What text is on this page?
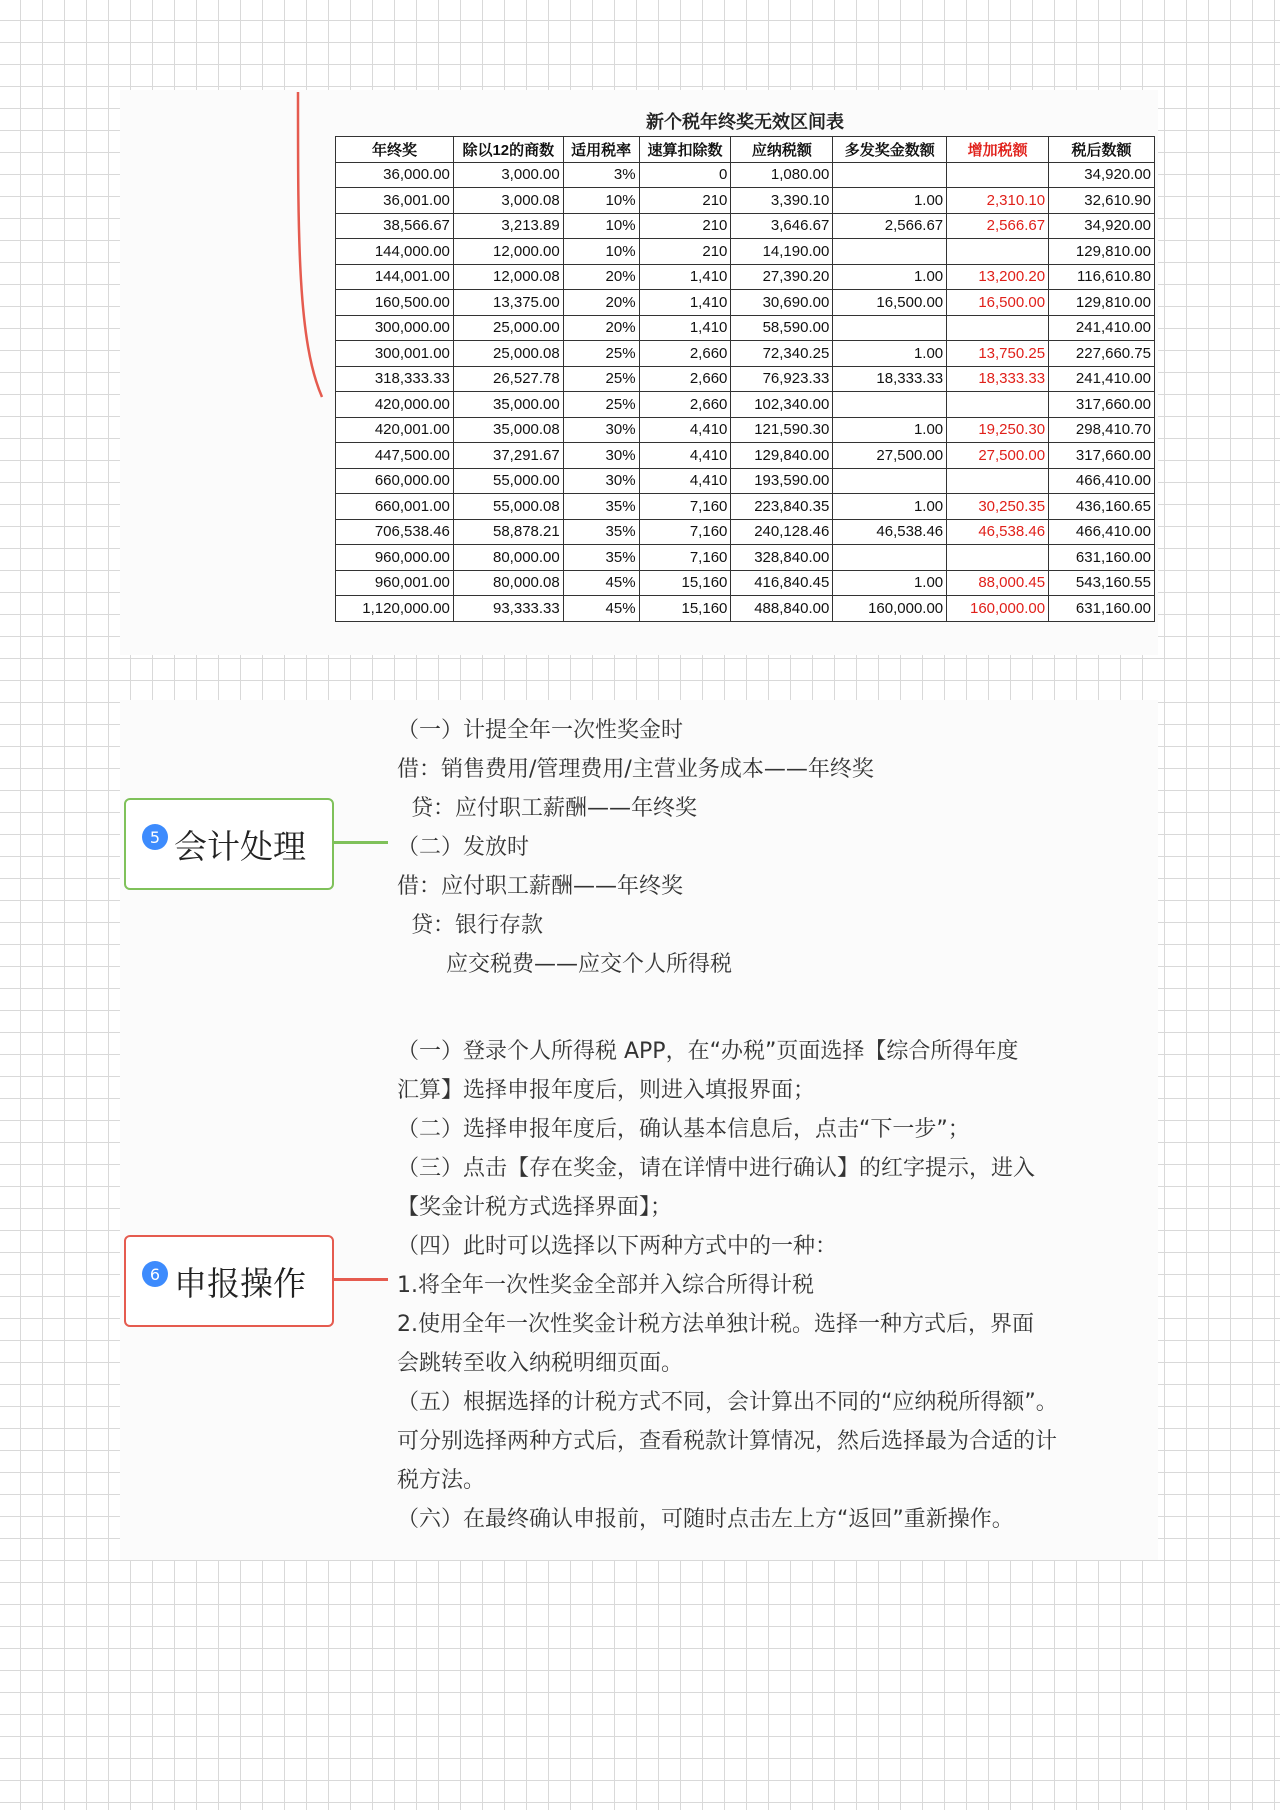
新个税年终奖无效区间表
年终奖	除以12的商数	适用税率	速算扣除数	应纳税额	多发奖金数额	增加税额	税后数额
36,000.00	3,000.00	3%	0	1,080.00			34,920.00
36,001.00	3,000.08	10%	210	3,390.10	1.00	2,310.10	32,610.90
38,566.67	3,213.89	10%	210	3,646.67	2,566.67	2,566.67	34,920.00
144,000.00	12,000.00	10%	210	14,190.00			129,810.00
144,001.00	12,000.08	20%	1,410	27,390.20	1.00	13,200.20	116,610.80
160,500.00	13,375.00	20%	1,410	30,690.00	16,500.00	16,500.00	129,810.00
300,000.00	25,000.00	20%	1,410	58,590.00			241,410.00
300,001.00	25,000.08	25%	2,660	72,340.25	1.00	13,750.25	227,660.75
318,333.33	26,527.78	25%	2,660	76,923.33	18,333.33	18,333.33	241,410.00
420,000.00	35,000.00	25%	2,660	102,340.00			317,660.00
420,001.00	35,000.08	30%	4,410	121,590.30	1.00	19,250.30	298,410.70
447,500.00	37,291.67	30%	4,410	129,840.00	27,500.00	27,500.00	317,660.00
660,000.00	55,000.00	30%	4,410	193,590.00			466,410.00
660,001.00	55,000.08	35%	7,160	223,840.35	1.00	30,250.35	436,160.65
706,538.46	58,878.21	35%	7,160	240,128.46	46,538.46	46,538.46	466,410.00
960,000.00	80,000.00	35%	7,160	328,840.00			631,160.00
960,001.00	80,000.08	45%	15,160	416,840.45	1.00	88,000.45	543,160.55
1,120,000.00	93,333.33	45%	15,160	488,840.00	160,000.00	160,000.00	631,160.00
5 会计处理
6 申报操作
（一）计提全年一次性奖金时
借：销售费用/管理费用/主营业务成本——年终奖
贷：应付职工薪酬——年终奖
（二）发放时
借：应付职工薪酬——年终奖
贷：银行存款
应交税费——应交个人所得税
（一）登录个人所得税 APP，在“办税”页面选择【综合所得年度
汇算】选择申报年度后，则进入填报界面；
（二）选择申报年度后，确认基本信息后，点击“下一步”；
（三）点击【存在奖金，请在详情中进行确认】的红字提示，进入
【奖金计税方式选择界面】；
（四）此时可以选择以下两种方式中的一种：
1.将全年一次性奖金全部并入综合所得计税
2.使用全年一次性奖金计税方法单独计税。选择一种方式后，界面
会跳转至收入纳税明细页面。
（五）根据选择的计税方式不同，会计算出不同的“应纳税所得额”。
可分别选择两种方式后，查看税款计算情况，然后选择最为合适的计
税方法。
（六）在最终确认申报前，可随时点击左上方“返回”重新操作。
